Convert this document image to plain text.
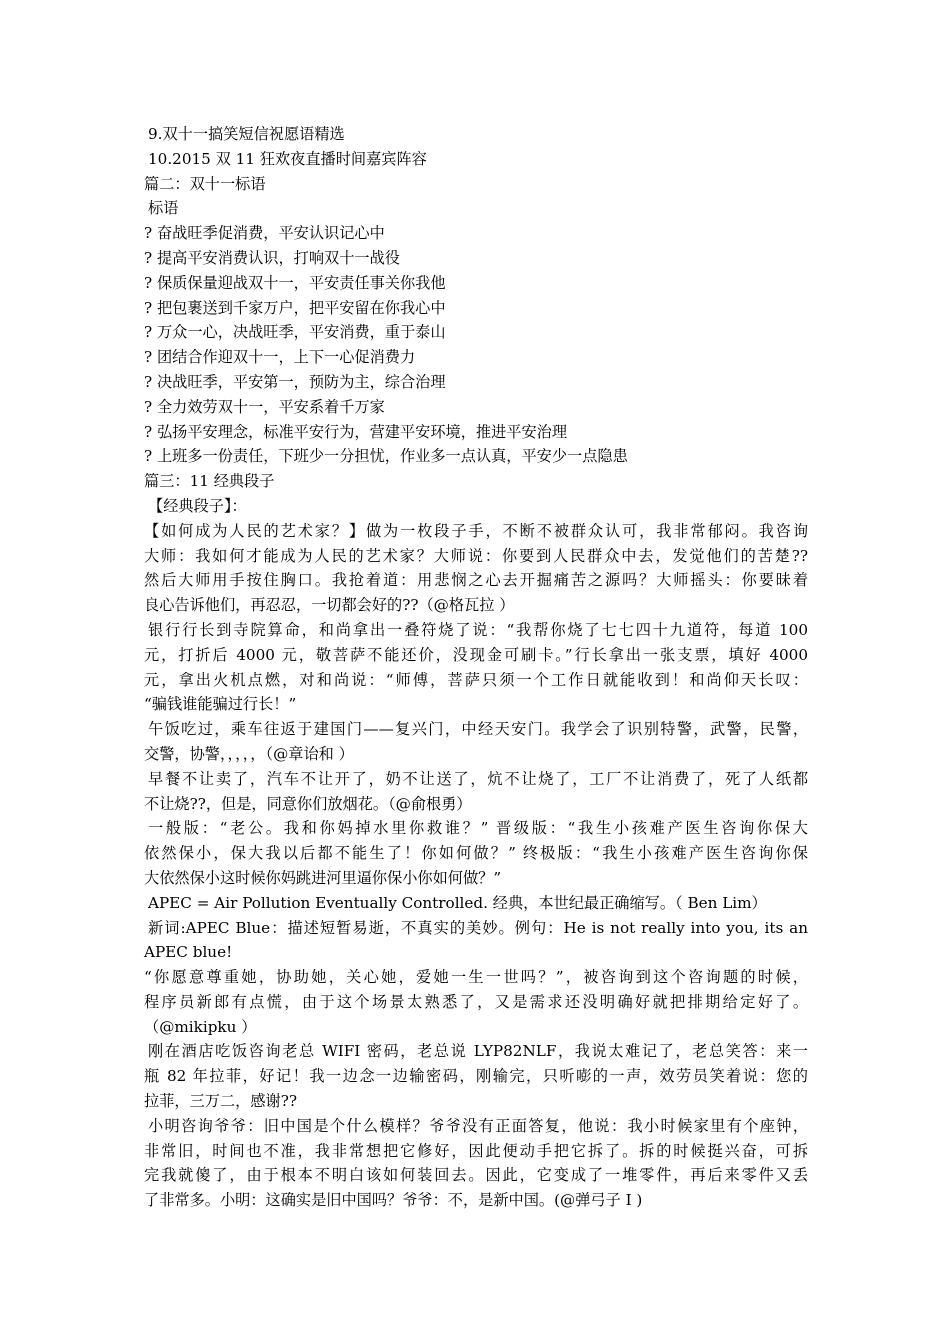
9.双十一搞笑短信祝愿语精选
10.2015 双 11 狂欢夜直播时间嘉宾阵容
篇二：双十一标语
标语
? 奋战旺季促消费，平安认识记心中
? 提高平安消费认识，打响双十一战役
? 保质保量迎战双十一，平安责任事关你我他
? 把包裹送到千家万户，把平安留在你我心中
? 万众一心，决战旺季，平安消费，重于泰山
? 团结合作迎双十一，上下一心促消费力
? 决战旺季，平安第一，预防为主，综合治理
? 全力效劳双十一，平安系着千万家
? 弘扬平安理念，标准平安行为，营建平安环境，推进平安治理
? 上班多一份责任，下班少一分担忧，作业多一点认真，平安少一点隐患
篇三：11 经典段子
【经典段子】：
【如何成为人民的艺术家？】做为一枚段子手，不断不被群众认可，我非常郁闷。我咨询
大师：我如何才能成为人民的艺术家？大师说：你要到人民群众中去，发觉他们的苦楚??
然后大师用手按住胸口。我抢着道：用悲悯之心去开掘痛苦之源吗？大师摇头：你要昧着
良心告诉他们，再忍忍，一切都会好的??（@格瓦拉 ）
银行行长到寺院算命，和尚拿出一叠符烧了说：“我帮你烧了七七四十九道符，每道 100
元，打折后 4000 元，敬菩萨不能还价，没现金可刷卡。”行长拿出一张支票，填好 4000
元，拿出火机点燃，对和尚说：“师傅，菩萨只须一个工作日就能收到！和尚仰天长叹：
“骗钱谁能骗过行长！”
午饭吃过，乘车往返于建国门——复兴门，中经天安门。我学会了识别特警，武警，民警，
交警，协警，，，，，（@章诒和 ）
早餐不让卖了，汽车不让开了，奶不让送了，炕不让烧了，工厂不让消费了，死了人纸都
不让烧??，但是，同意你们放烟花。（@俞根勇）
一般版：“老公。我和你妈掉水里你救谁？” 晋级版：“我生小孩难产医生咨询你保大
依然保小，保大我以后都不能生了！你如何做？” 终极版：“我生小孩难产医生咨询你保
大依然保小这时候你妈跳进河里逼你保小你如何做？”
APEC = Air Pollution Eventually Controlled. 经典，本世纪最正确缩写。（ Ben Lim）
新词:APEC Blue：描述短暂易逝，不真实的美妙。例句：He is not really into you, its an
APEC blue!
“你愿意尊重她，协助她，关心她，爱她一生一世吗？”，被咨询到这个咨询题的时候，
程序员新郎有点慌，由于这个场景太熟悉了，又是需求还没明确好就把排期给定好了。
（@mikipku ）
刚在酒店吃饭咨询老总 WIFI 密码，老总说 LYP82NLF，我说太难记了，老总笑答：来一
瓶 82 年拉菲，好记！我一边念一边输密码，刚输完，只听嘭的一声，效劳员笑着说：您的
拉菲，三万二，感谢??
小明咨询爷爷：旧中国是个什么模样？爷爷没有正面答复，他说：我小时候家里有个座钟，
非常旧，时间也不准，我非常想把它修好，因此便动手把它拆了。拆的时候挺兴奋，可拆
完我就傻了，由于根本不明白该如何装回去。因此，它变成了一堆零件，再后来零件又丢
了非常多。小明：这确实是旧中国吗？爷爷：不，是新中国。(@弹弓子 I )
